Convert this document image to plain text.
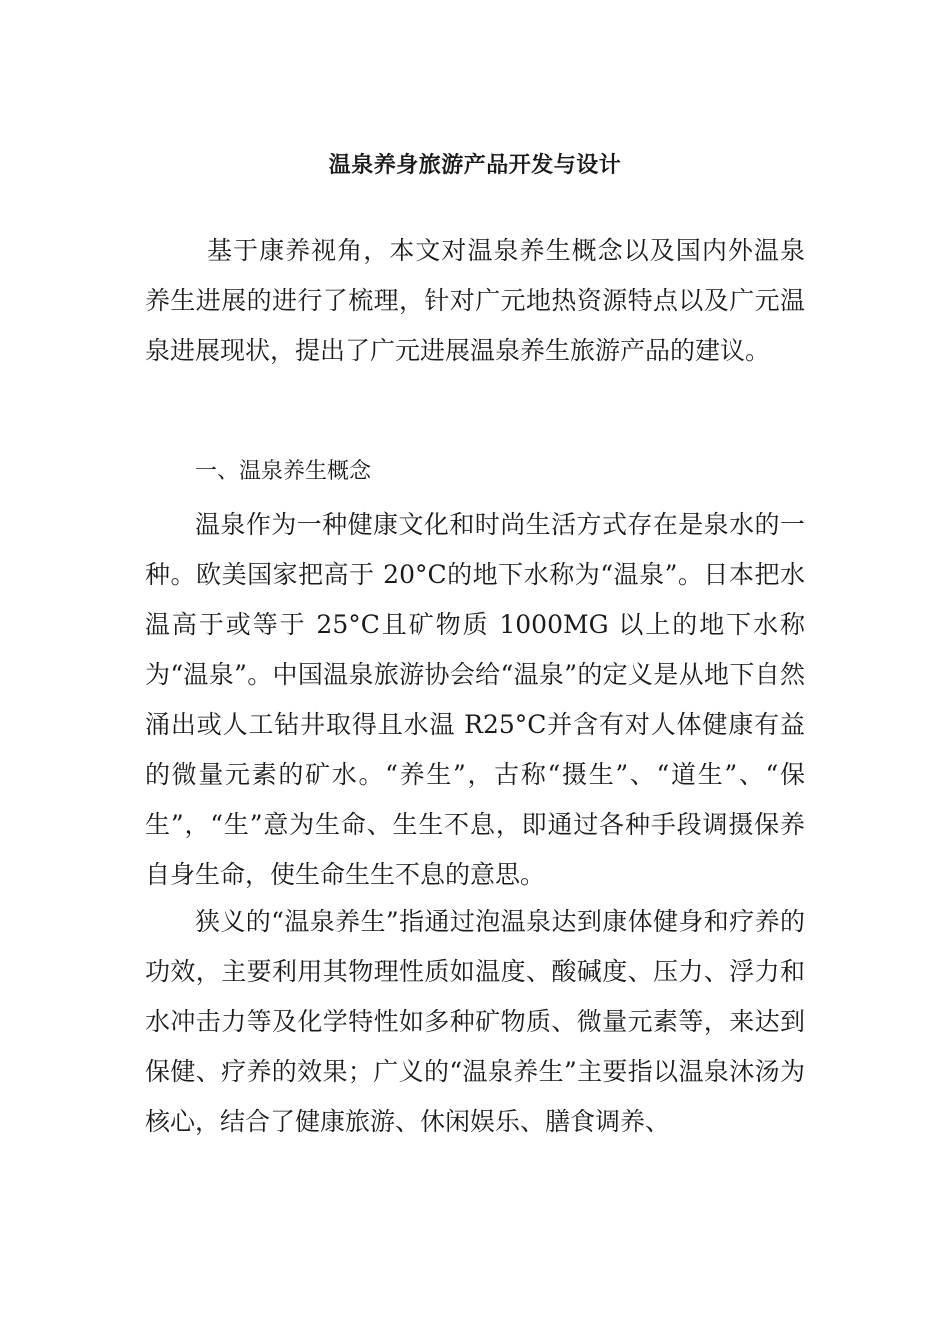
温泉养身旅游产品开发与设计

基于康养视角，本文对温泉养生概念以及国内外温泉养生进展的进行了梳理，针对广元地热资源特点以及广元温泉进展现状，提出了广元进展温泉养生旅游产品的建议。

一、温泉养生概念

温泉作为一种健康文化和时尚生活方式存在是泉水的一种。欧美国家把高于 20°C的地下水称为“温泉”。日本把水温高于或等于 25°C且矿物质 1000MG 以上的地下水称为“温泉”。中国温泉旅游协会给“温泉”的定义是从地下自然涌出或人工钻井取得且水温 R25°C并含有对人体健康有益的微量元素的矿水。“养生”，古称“摄生”、“道生”、“保生”，“生”意为生命、生生不息，即通过各种手段调摄保养自身生命，使生命生生不息的意思。

狭义的“温泉养生”指通过泡温泉达到康体健身和疗养的功效，主要利用其物理性质如温度、酸碱度、压力、浮力和水冲击力等及化学特性如多种矿物质、微量元素等，来达到保健、疗养的效果；广义的“温泉养生”主要指以温泉沐汤为核心，结合了健康旅游、休闲娱乐、膳食调养、
